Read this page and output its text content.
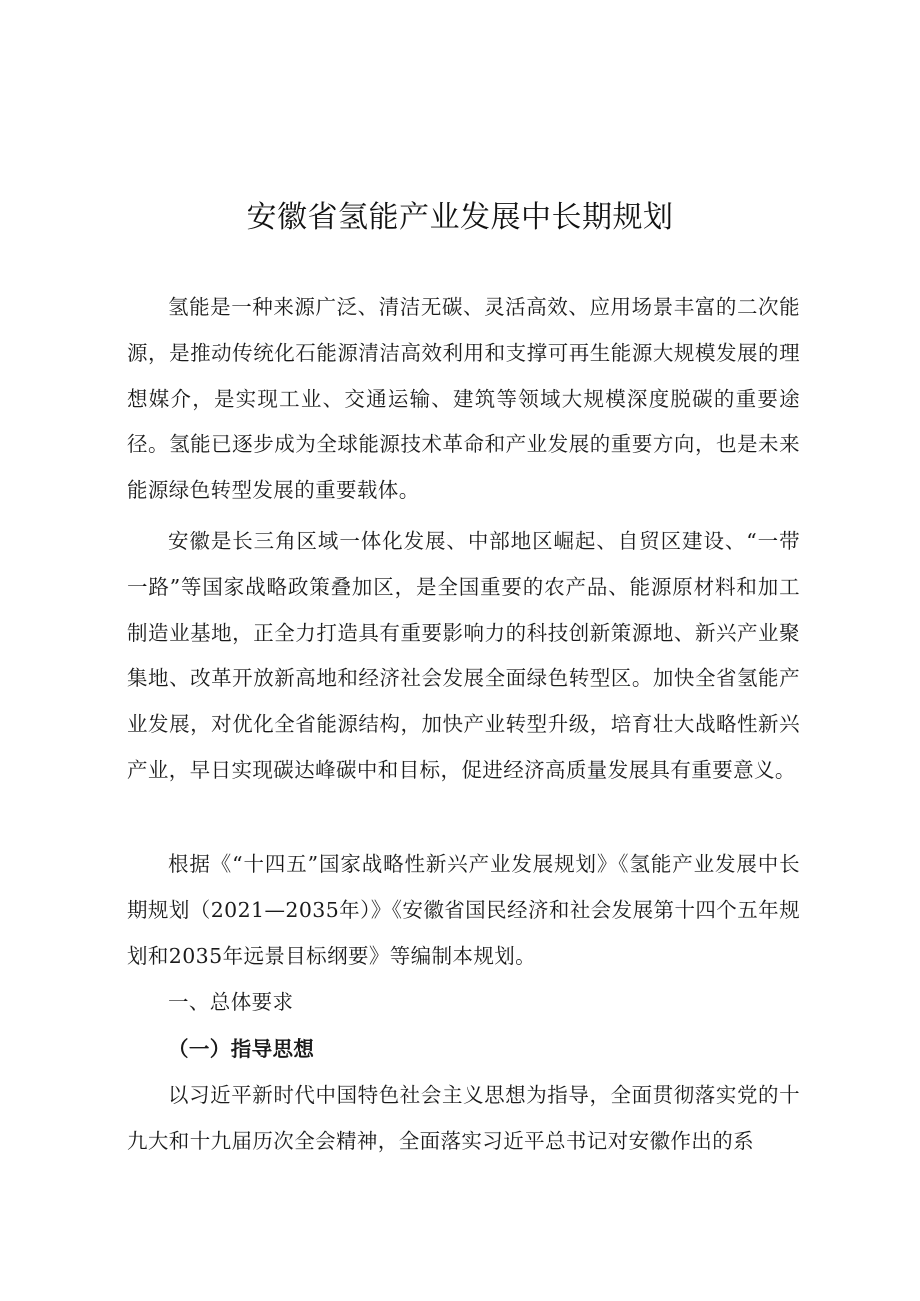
安徽省氢能产业发展中长期规划

氢能是一种来源广泛、清洁无碳、灵活高效、应用场景丰富的二次能源，是推动传统化石能源清洁高效利用和支撑可再生能源大规模发展的理想媒介，是实现工业、交通运输、建筑等领域大规模深度脱碳的重要途径。氢能已逐步成为全球能源技术革命和产业发展的重要方向，也是未来能源绿色转型发展的重要载体。

安徽是长三角区域一体化发展、中部地区崛起、自贸区建设、“一带一路”等国家战略政策叠加区，是全国重要的农产品、能源原材料和加工制造业基地，正全力打造具有重要影响力的科技创新策源地、新兴产业聚集地、改革开放新高地和经济社会发展全面绿色转型区。加快全省氢能产业发展，对优化全省能源结构，加快产业转型升级，培育壮大战略性新兴产业，早日实现碳达峰碳中和目标，促进经济高质量发展具有重要意义。

根据《“十四五”国家战略性新兴产业发展规划》《氢能产业发展中长期规划（2021—2035年）》《安徽省国民经济和社会发展第十四个五年规划和2035年远景目标纲要》等编制本规划。

一、总体要求

（一）指导思想

以习近平新时代中国特色社会主义思想为指导，全面贯彻落实党的十九大和十九届历次全会精神，全面落实习近平总书记对安徽作出的系
